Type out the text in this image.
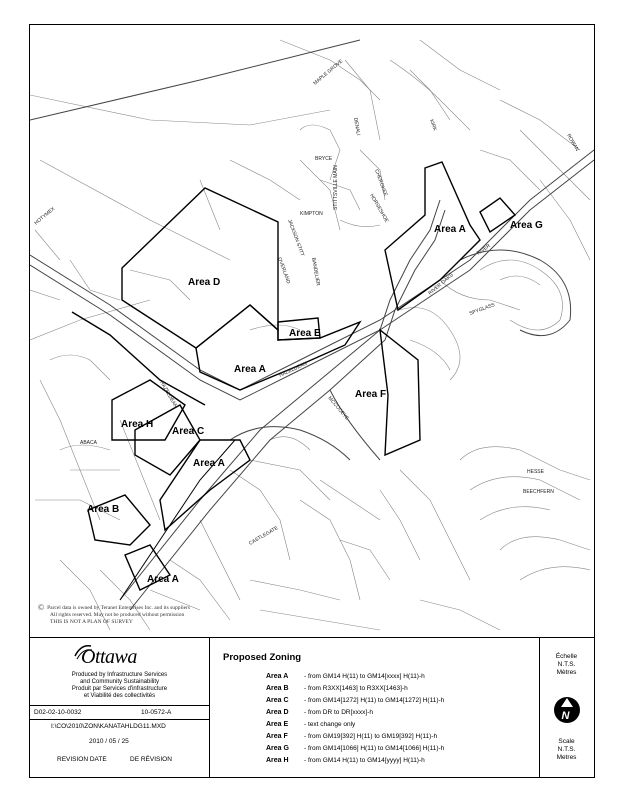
Area A
Area A
Area A
Area A
Area B
Area C
Area D
Area E
Area F
Area G
Area H
MAPLE GROVE
HAZELDEAN
MCCOOEYE
STITTSVILLE MAIN
KIMPTON
BRYCE
DENALI
CHEROKEE
HORSESHOE
OVERLAND	BANDELIER
JACKSON STITT
SPYGLASS
RIVER OAKS
HOTYMEX
ABACA
CASTLEGATE
BEECHFERN
HESSE
KIRK
ROWAN
HAZELDEAN
RIVER
© Parcel data is owned by Teranet Enterprises Inc. and its suppliers
All rights reserved. May not be produced without permission
THIS IS NOT A PLAN OF SURVEY
Ottawa
Produced by Infrastructure Services
and Community Sustainability
Produit par Services d'infrastructure
et Viabilité des collectivités
D02-02-10-0032	10-0572-A
I:\CO\2010\ZON\KANATAHLDG11.MXD
2010 / 05 / 25
REVISION DATE	DE RÉVISION
Proposed Zoning
Area A - from GM14 H(11) to GM14[xxxx] H(11)-h
Area B - from R3XX[1463] to R3XX[1463]-h
Area C - from GM14[1272] H(11) to GM14[1272] H(11)-h
Area D - from DR to DR[xxxx]-h
Area E - text change only
Area F - from GM19[392] H(11) to GM19[392] H(11)-h
Area G - from GM14[1066] H(11) to GM14[1066] H(11)-h
Area H - from GM14 H(11) to GM14[yyyy] H(11)-h
Échelle
N.T.S.
Mètres
N
Scale
N.T.S.
Metres
